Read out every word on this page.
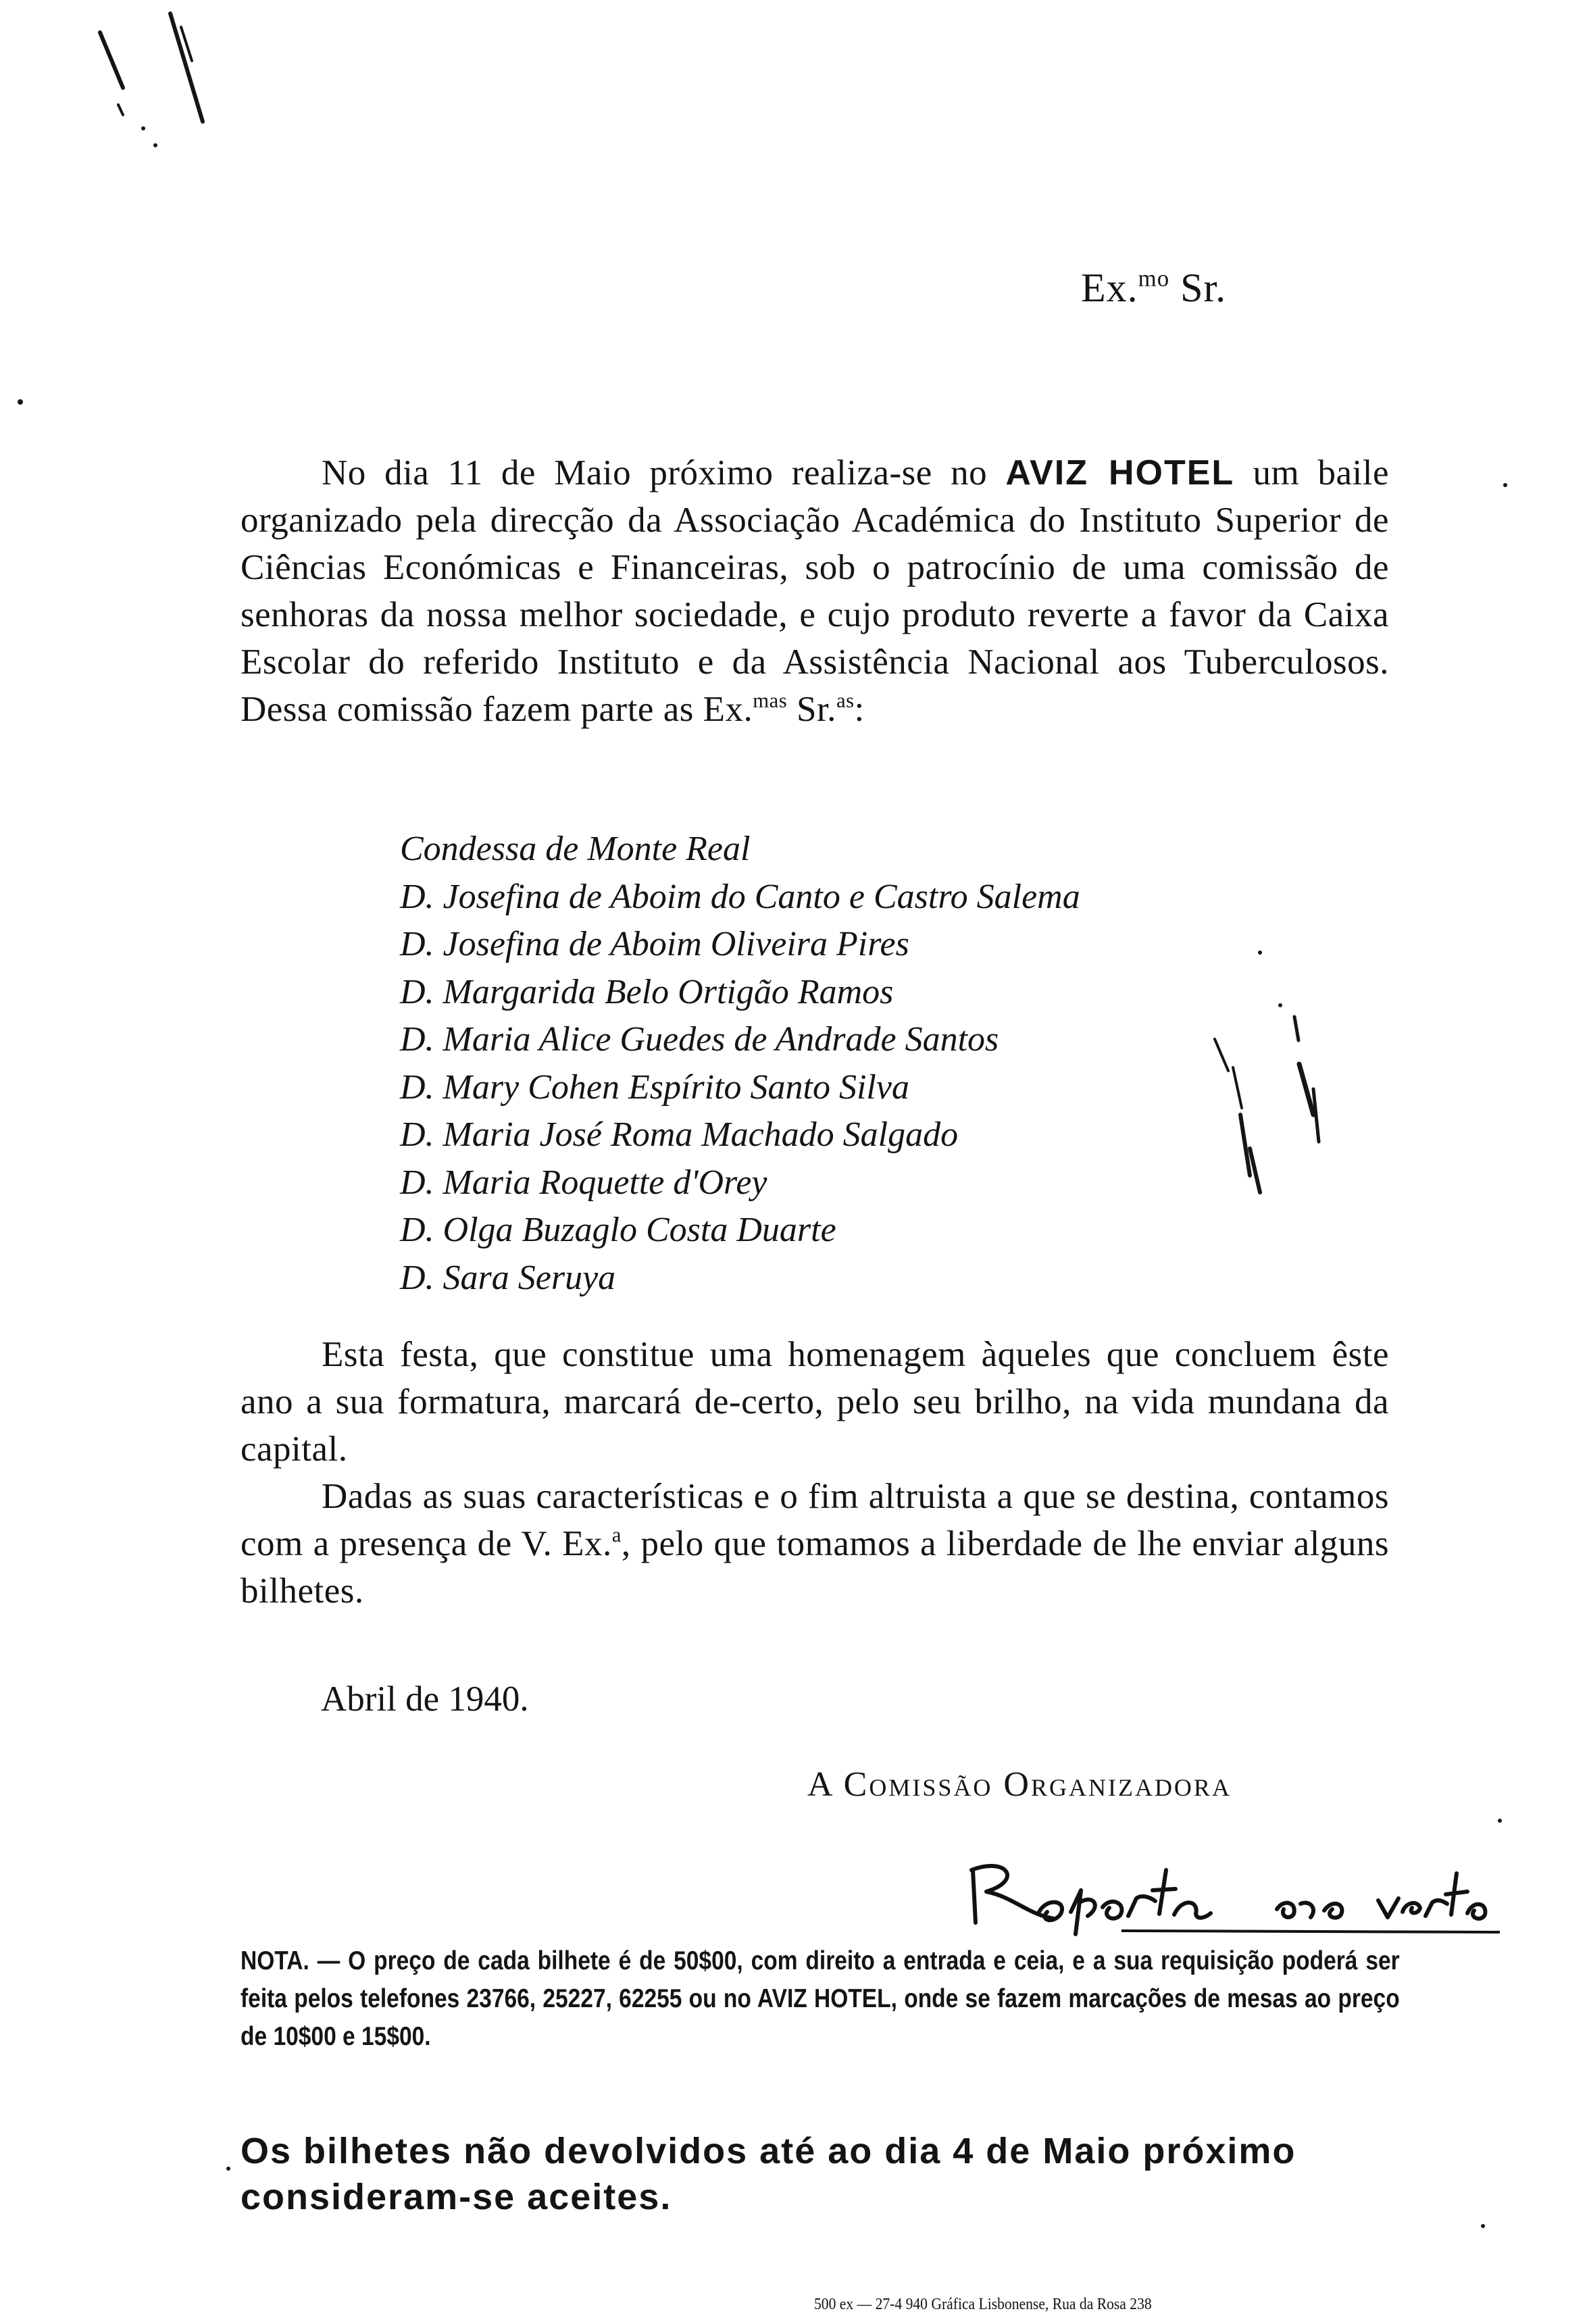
Ex.$^{mo}$ Sr.
No dia 11 de Maio próximo realiza-se no AVIZ HOTEL um baile organizado pela direcção da Associação Académica do Instituto Superior de Ciências Económicas e Financeiras, sob o patrocínio de uma comissão de senhoras da nossa melhor sociedade, e cujo produto reverte a favor da Caixa Escolar do referido Instituto e da Assistência Nacional aos Tuberculosos. Dessa comissão fazem parte as Ex.$^{mas}$ Sr.$^{as}$:
Condessa de Monte Real
D. Josefina de Aboim do Canto e Castro Salema
D. Josefina de Aboim Oliveira Pires
D. Margarida Belo Ortigão Ramos
D. Maria Alice Guedes de Andrade Santos
D. Mary Cohen Espírito Santo Silva
D. Maria José Roma Machado Salgado
D. Maria Roquette d'Orey
D. Olga Buzaglo Costa Duarte
D. Sara Seruya
Esta festa, que constitue uma homenagem àqueles que concluem êste ano a sua formatura, marcará de-certo, pelo seu brilho, na vida mundana da capital.
Dadas as suas características e o fim altruista a que se destina, contamos com a presença de V. Ex.$^a$, pelo que tomamos a liberdade de lhe enviar alguns bilhetes.
Abril de 1940.
A Comissão Organizadora
NOTA. — O preço de cada bilhete é de 50$00, com direito a entrada e ceia, e a sua requisição poderá ser feita pelos telefones 23766, 25227, 62255 ou no AVIZ HOTEL, onde se fazem marcações de mesas ao preço de 10$00 e 15$00.
Os bilhetes não devolvidos até ao dia 4 de Maio próximo consideram-se aceites.
500 ex — 27-4 940 Gráfica Lisbonense, Rua da Rosa 238
